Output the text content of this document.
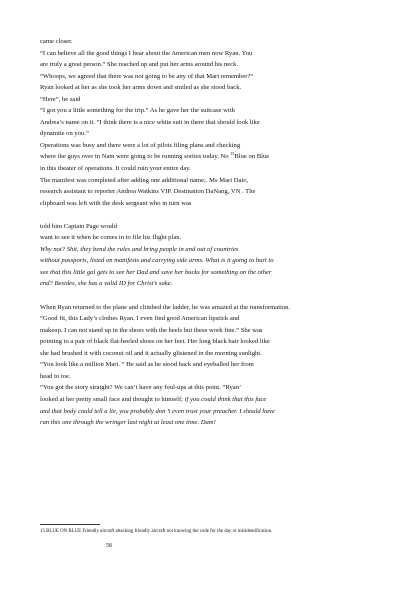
came closer.
“I can believe all the good things I hear about the American men now Ryan. You
are truly a great person.” She reached up and put her arms around his neck.
“Whoops, we agreed that there was not going to be any of that Mari remember?”
Ryan looked at her as she took her arms down and smiled as she stood back.
“Here”, he said
“I got you a little something for the trip.” As he gave her the suitcase with
Andrea’s name on it. “I think there is a nice white suit in there that should look like
dynamite on you.”
Operations was busy and there were a lot of pilots filing plans and checking
where the guys over in Nam were going to be running sorties today. No $^{15}$Blue on Blue
in this theater of operations. It could ruin your entire day.
The manifest was completed after adding one additional name;. Ms Mari Daio,
research assistant to reporter Andrea Watkins VIP. Destination DaNang, VN . The
clipboard was left with the desk sergeant who in turn was
told him Captain Page would
want to see it when he comes in to file his flight plan.
Why not? Shit, they bend the rules and bring people in and out of countries
without passports, listed on manifests and carrying side arms. What is it going to hurt to
see that this little gal gets to see her Dad and save her bucks for something on the other
end? Besides, she has a valid ID for Christ’s sake.
When Ryan returned to the plane and climbed the ladder, he was amazed at the transformation.
“Good fit, this Lady’s clothes Ryan. I even find good American lipstick and
makeup. I can not stand up in the shoes with the heels but these work fine.” She was
pointing to a pair of black flat-heeled shoes on her feet. Her long black hair looked like
she had brushed it with coconut oil and it actually glistened in the morning sunlight.
“You look like a million Mari. “ He said as he stood back and eyeballed her from
head to toe.
“You got the story straight? We can’t have any foul-ups at this point. “Ryan’
looked at her pretty small face and thought to himself; if you could think that this face
and that body could tell a lie, you probably don ’t even trust your preacher. I should have
ran this one through the wringer last night at least one time. Dam!
15 BLUE ON BLUE Friendly aircraft attacking friendly aircraft not knowing the code for the day or misidentification.
58
